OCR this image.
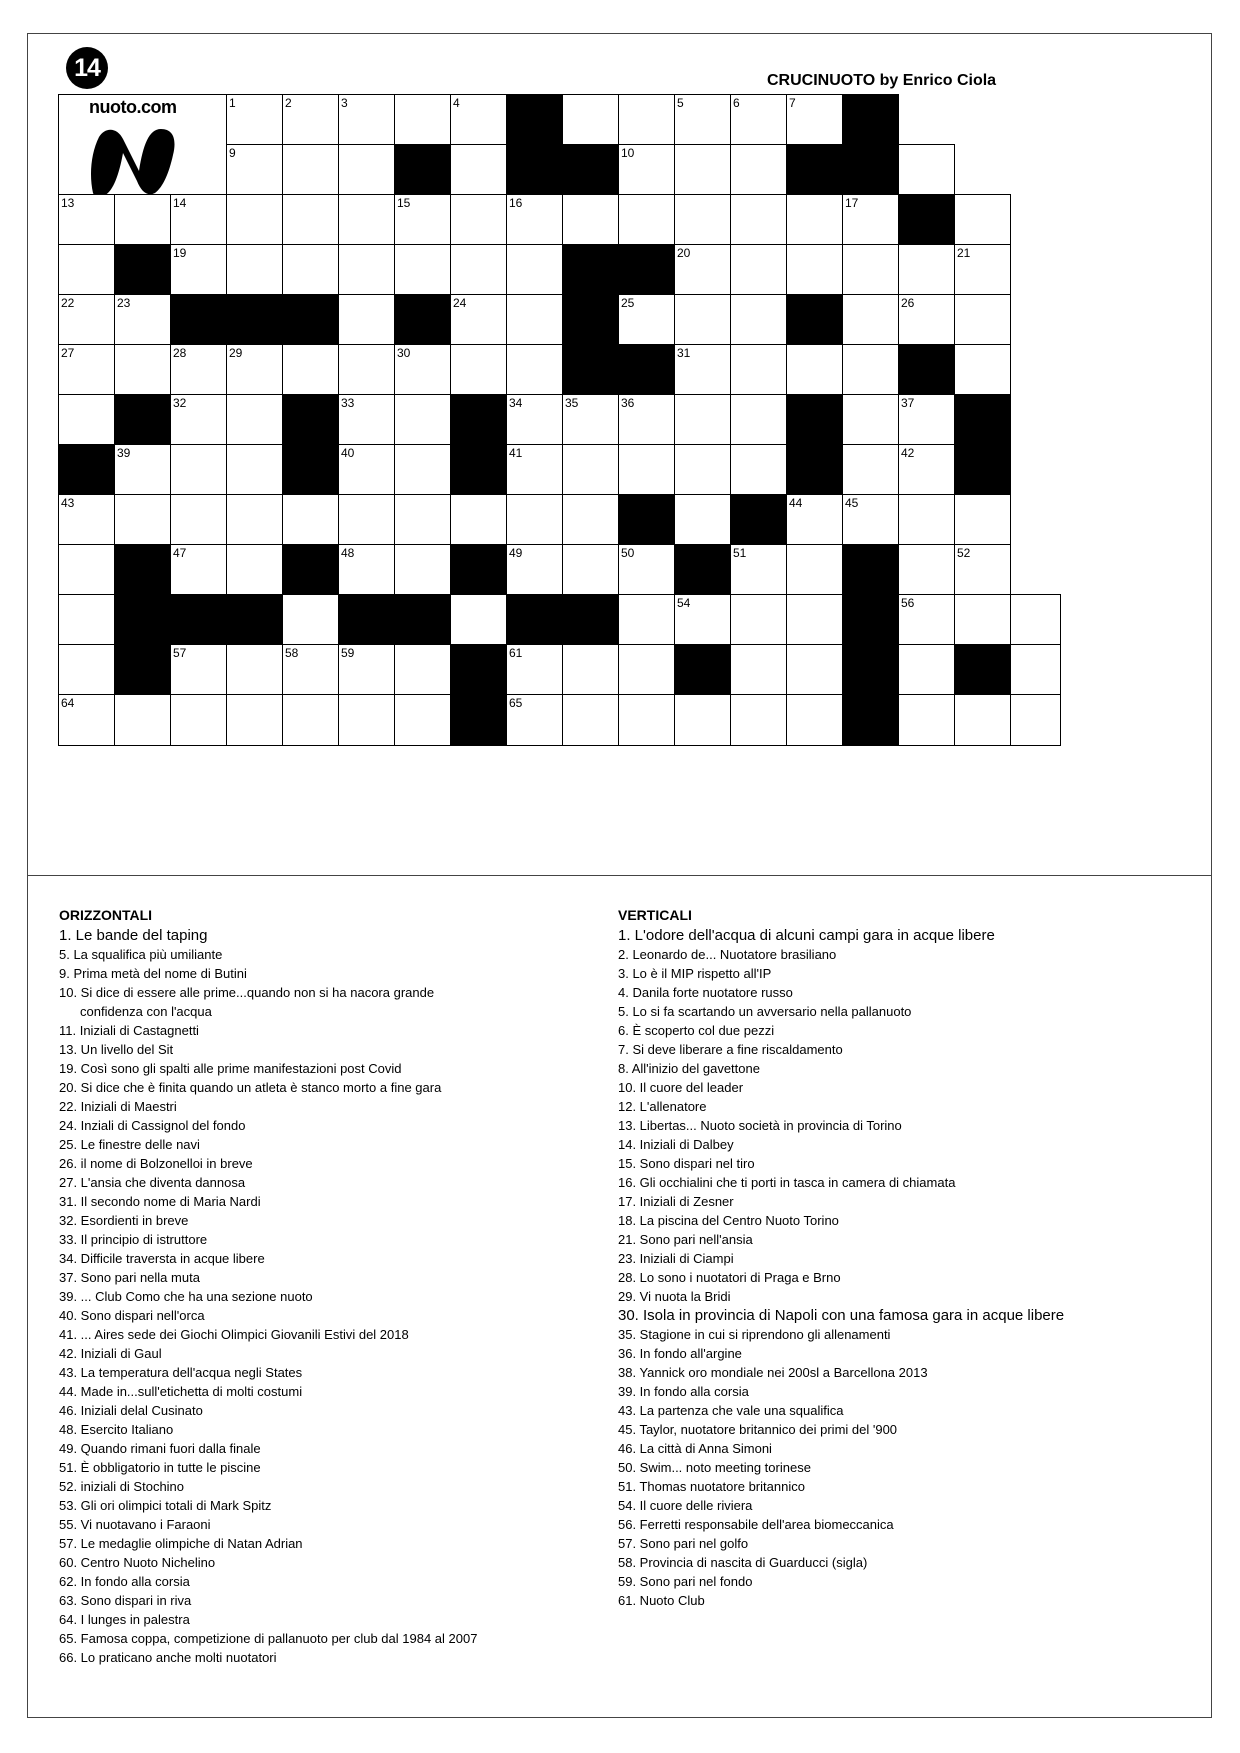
14	CRUCINUOTO by Enrico Ciola
nuoto.com	1	2	3	4	5	6	7
9	10
13	14	15	16	17	18
19	20	21
22	23	24	25	26
27	28	29	30	31
32	33	34	35	36	37	38
39	40	41	42
43	44	45
47	48	49	50	51	52
53	54	55	56
57	58	59	60	61	62	63
64	65	66
ORIZZONTALI
1. Le bande del taping
5. La squalifica più umiliante
9. Prima metà del nome di Butini
10. Si dice di essere alle prime...quando non si ha nacora grande
confidenza con l'acqua
11. Iniziali di Castagnetti
13. Un livello del Sit
19. Così sono gli spalti alle prime manifestazioni post Covid
20. Si dice che è finita quando un atleta è stanco morto a fine gara
22. Iniziali di Maestri
24. Inziali di Cassignol del fondo
25. Le finestre delle navi
26. il nome di Bolzonelloi in breve
27. L'ansia che diventa dannosa
31. Il secondo nome di Maria Nardi
32. Esordienti in breve
33. Il principio di istruttore
34. Difficile traversta in acque libere
37. Sono pari nella muta
39. ... Club Como che ha una sezione nuoto
40. Sono dispari nell'orca
41. ... Aires sede dei Giochi Olimpici Giovanili Estivi del 2018
42. Iniziali di Gaul
43. La temperatura dell'acqua negli States
44. Made in...sull'etichetta di molti costumi
46. Iniziali delal Cusinato
48. Esercito Italiano
49. Quando rimani fuori dalla finale
51. È obbligatorio in tutte le piscine
52. iniziali di Stochino
53. Gli ori olimpici totali di Mark Spitz
55. Vi nuotavano i Faraoni
57. Le medaglie olimpiche di Natan Adrian
60. Centro Nuoto Nichelino
62. In fondo alla corsia
63. Sono dispari in riva
64. I lunges in palestra
65. Famosa coppa, competizione di pallanuoto per club dal 1984 al 2007
66. Lo praticano anche molti nuotatori
VERTICALI
1. L'odore dell'acqua di alcuni campi gara in acque libere
2. Leonardo de... Nuotatore brasiliano
3. Lo è il MIP rispetto all'IP
4. Danila forte nuotatore russo
5. Lo si fa scartando un avversario nella pallanuoto
6. È scoperto col due pezzi
7. Si deve liberare a fine riscaldamento
8. All'inizio del gavettone
10. Il cuore del leader
12. L'allenatore
13. Libertas... Nuoto società in provincia di Torino
14. Iniziali di Dalbey
15. Sono dispari nel tiro
16. Gli occhialini che ti porti in tasca in camera di chiamata
17. Iniziali di Zesner
18. La piscina del Centro Nuoto Torino
21. Sono pari nell'ansia
23. Iniziali di Ciampi
28. Lo sono i nuotatori di Praga e Brno
29. Vi nuota la Bridi
30. Isola in provincia di Napoli con una famosa gara in acque libere
35. Stagione in cui si riprendono gli allenamenti
36. In fondo all'argine
38. Yannick oro mondiale nei 200sl a Barcellona 2013
39. In fondo alla corsia
43. La partenza che vale una squalifica
45. Taylor, nuotatore britannico dei primi del '900
46. La città di Anna Simoni
50. Swim... noto meeting torinese
51. Thomas nuotatore britannico
54. Il cuore delle riviera
56. Ferretti responsabile dell'area biomeccanica
57. Sono pari nel golfo
58. Provincia di nascita di Guarducci (sigla)
59. Sono pari nel fondo
61. Nuoto Club
